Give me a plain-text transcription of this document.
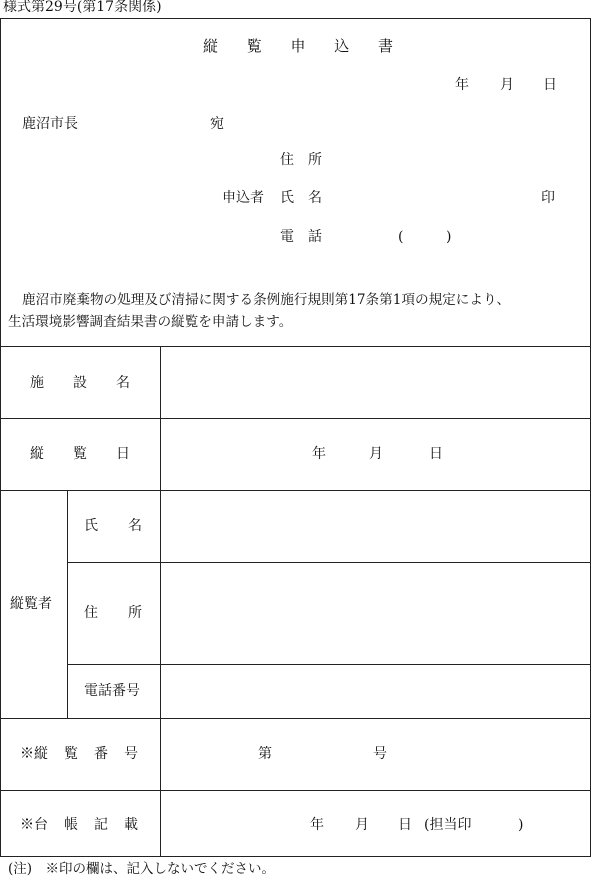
様式第29号(第17条関係)
縦 覧 申 込 書
年 月 日
鹿沼市長	宛
住 所
申込者 氏 名	印
電 話	(	)
鹿沼市廃棄物の処理及び清掃に関する条例施行規則第17条第1項の規定により、
生活環境影響調査結果書の縦覧を申請します。
施 設 名
縦 覧 日	年	月	日
縦覧者
氏 名
住 所
電話番号
※縦 覧 番 号	第	号
※台 帳 記 載	年 月 日 (担当印	)
(注)　※印の欄は、記入しないでください。
